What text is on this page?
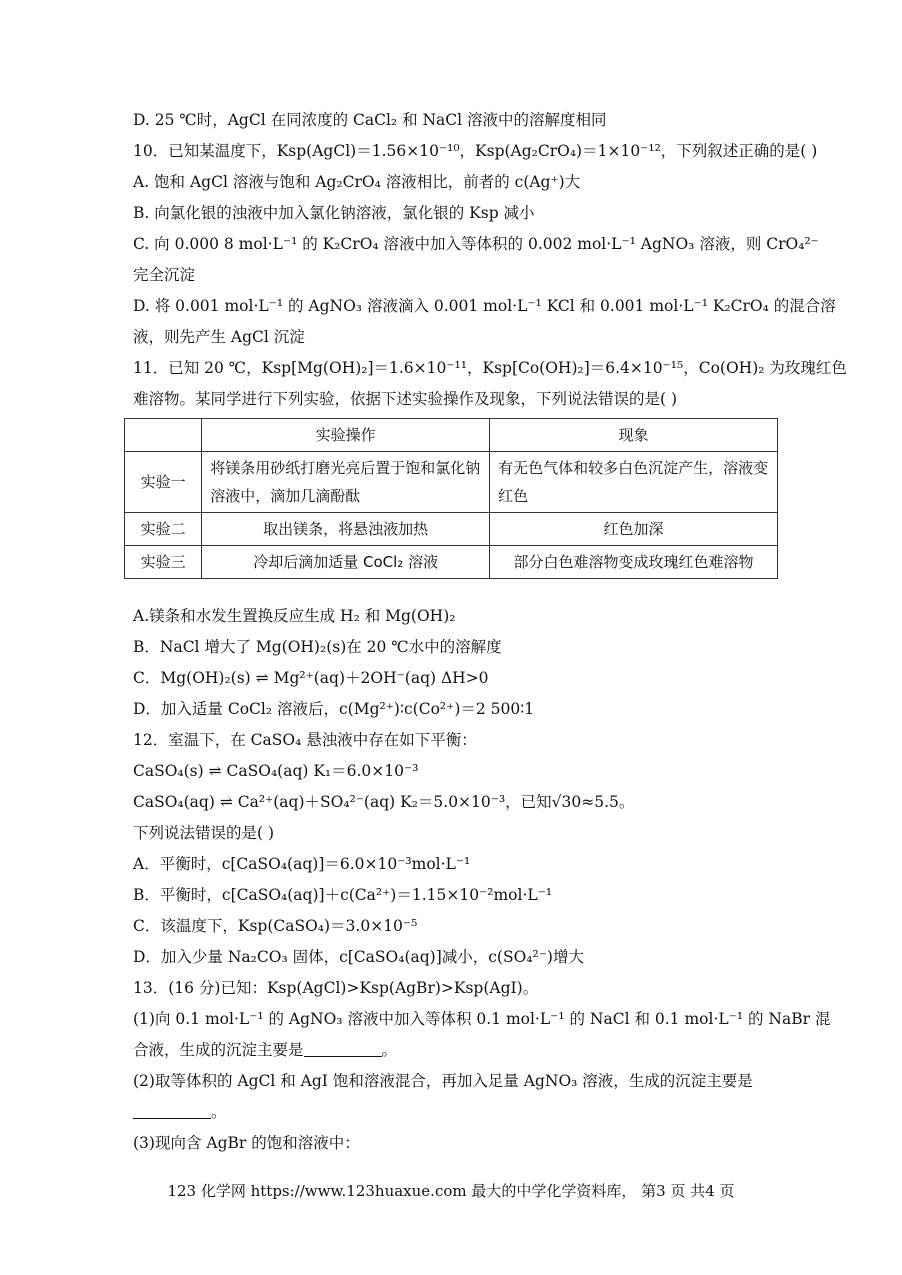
D. 25 ℃时，AgCl 在同浓度的 CaCl₂ 和 NaCl 溶液中的溶解度相同
10．已知某温度下，Ksp(AgCl)＝1.56×10⁻¹⁰，Ksp(Ag₂CrO₄)＝1×10⁻¹²，下列叙述正确的是( )
A. 饱和 AgCl 溶液与饱和 Ag₂CrO₄ 溶液相比，前者的 c(Ag⁺)大
B. 向氯化银的浊液中加入氯化钠溶液，氯化银的 Ksp 减小
C. 向 0.000 8 mol·L⁻¹ 的 K₂CrO₄ 溶液中加入等体积的 0.002 mol·L⁻¹ AgNO₃ 溶液，则 CrO₄²⁻
完全沉淀
D. 将 0.001 mol·L⁻¹ 的 AgNO₃ 溶液滴入 0.001 mol·L⁻¹ KCl 和 0.001 mol·L⁻¹ K₂CrO₄ 的混合溶
液，则先产生 AgCl 沉淀
11．已知 20 ℃，Ksp[Mg(OH)₂]＝1.6×10⁻¹¹，Ksp[Co(OH)₂]＝6.4×10⁻¹⁵，Co(OH)₂ 为玫瑰红色
难溶物。某同学进行下列实验，依据下述实验操作及现象，下列说法错误的是( )
	实验操作	现象
实验一	将镁条用砂纸打磨光亮后置于饱和氯化钠溶液中，滴加几滴酚酞	有无色气体和较多白色沉淀产生，溶液变红色
实验二	取出镁条，将悬浊液加热	红色加深
实验三	冷却后滴加适量 CoCl₂ 溶液	部分白色难溶物变成玫瑰红色难溶物
A.镁条和水发生置换反应生成 H₂ 和 Mg(OH)₂
B．NaCl 增大了 Mg(OH)₂(s)在 20 ℃水中的溶解度
C．Mg(OH)₂(s) ⇌ Mg²⁺(aq)＋2OH⁻(aq) ΔH>0
D．加入适量 CoCl₂ 溶液后，c(Mg²⁺)∶c(Co²⁺)＝2 500∶1
12．室温下，在 CaSO₄ 悬浊液中存在如下平衡：
CaSO₄(s) ⇌ CaSO₄(aq) K₁＝6.0×10⁻³
CaSO₄(aq) ⇌ Ca²⁺(aq)＋SO₄²⁻(aq) K₂＝5.0×10⁻³，已知√30≈5.5。
下列说法错误的是( )
A．平衡时，c[CaSO₄(aq)]＝6.0×10⁻³mol·L⁻¹
B．平衡时，c[CaSO₄(aq)]＋c(Ca²⁺)＝1.15×10⁻²mol·L⁻¹
C．该温度下，Ksp(CaSO₄)＝3.0×10⁻⁵
D．加入少量 Na₂CO₃ 固体，c[CaSO₄(aq)]减小，c(SO₄²⁻)增大
13．(16 分)已知：Ksp(AgCl)>Ksp(AgBr)>Ksp(AgI)。
(1)向 0.1 mol·L⁻¹ 的 AgNO₃ 溶液中加入等体积 0.1 mol·L⁻¹ 的 NaCl 和 0.1 mol·L⁻¹ 的 NaBr 混
合液，生成的沉淀主要是	。
(2)取等体积的 AgCl 和 AgI 饱和溶液混合，再加入足量 AgNO₃ 溶液，生成的沉淀主要是
。
(3)现向含 AgBr 的饱和溶液中：
123 化学网 https://www.123huaxue.com 最大的中学化学资料库， 第3 页 共4 页
